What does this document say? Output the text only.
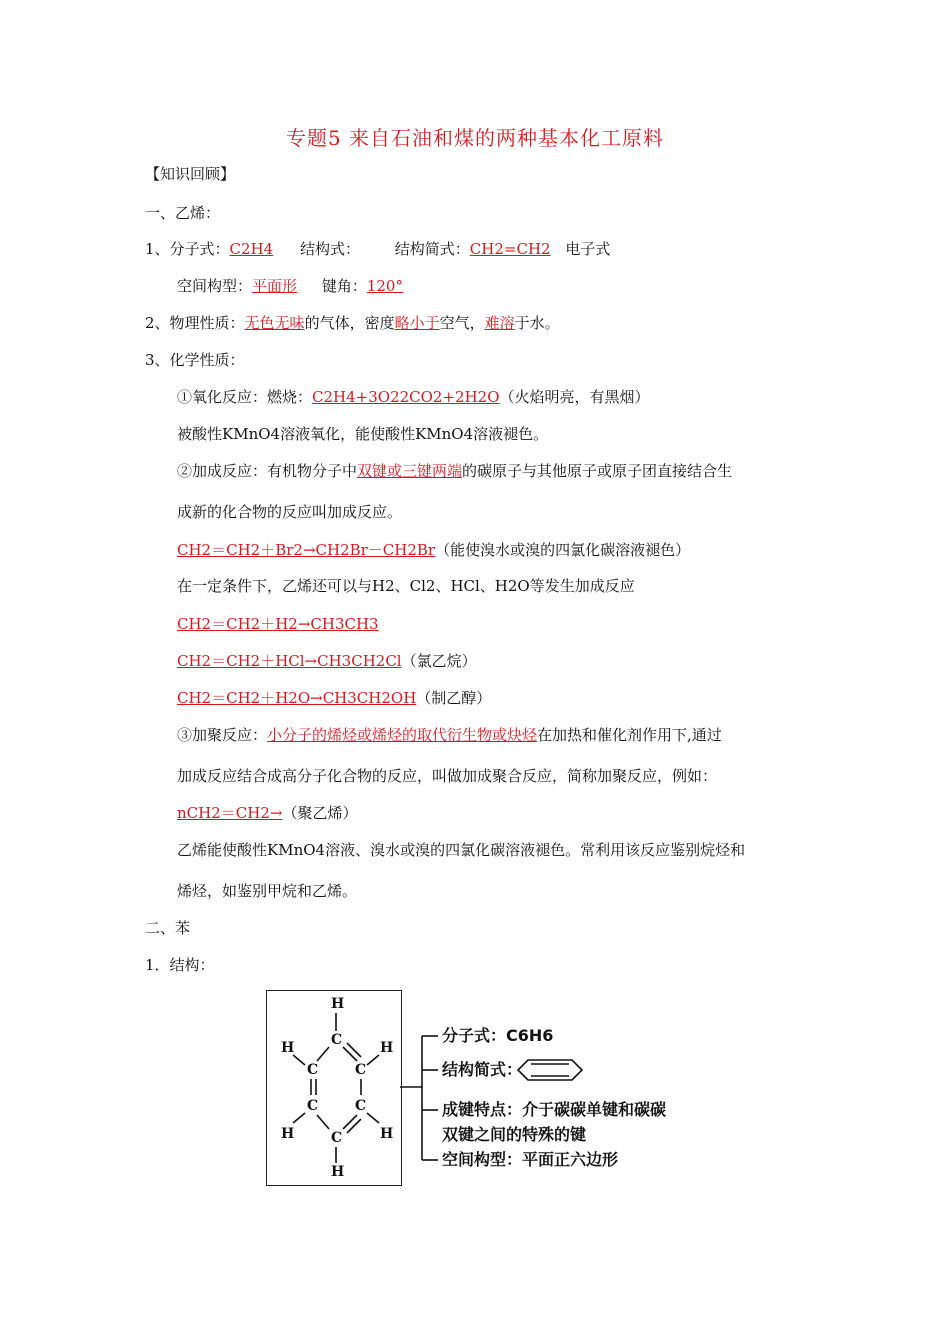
专题5 来自石油和煤的两种基本化工原料
【知识回顾】
一、乙烯：
1、分子式：C2H4 结构式： 结构简式：CH2=CH2 电子式
空间构型：平面形 键角：120°
2、物理性质：无色无味的气体，密度略小于空气，难溶于水。
3、化学性质：
①氧化反应：燃烧：C2H4+3O22CO2+2H2O（火焰明亮，有黑烟）
被酸性KMnO4溶液氧化，能使酸性KMnO4溶液褪色。
②加成反应：有机物分子中双键或三键两端的碳原子与其他原子或原子团直接结合生
成新的化合物的反应叫加成反应。
CH2＝CH2＋Br2→CH2Br－CH2Br（能使溴水或溴的四氯化碳溶液褪色）
在一定条件下，乙烯还可以与H2、Cl2、HCl、H2O等发生加成反应
CH2＝CH2＋H2→CH3CH3
CH2＝CH2＋HCl→CH3CH2Cl（氯乙烷）
CH2＝CH2＋H2O→CH3CH2OH（制乙醇）
③加聚反应：小分子的烯烃或烯烃的取代衍生物或炔烃在加热和催化剂作用下,通过
加成反应结合成高分子化合物的反应，叫做加成聚合反应，简称加聚反应，例如：
nCH2＝CH2→（聚乙烯）
乙烯能使酸性KMnO4溶液、溴水或溴的四氯化碳溶液褪色。常利用该反应鉴别烷烃和
烯烃，如鉴别甲烷和乙烯。
二、苯
1．结构：
H
C
H	H
C	C
C	C
H	H
C
H
分子式：C6H6
结构简式：
成键特点：介于碳碳单键和碳碳
双键之间的特殊的键
空间构型：平面正六边形
